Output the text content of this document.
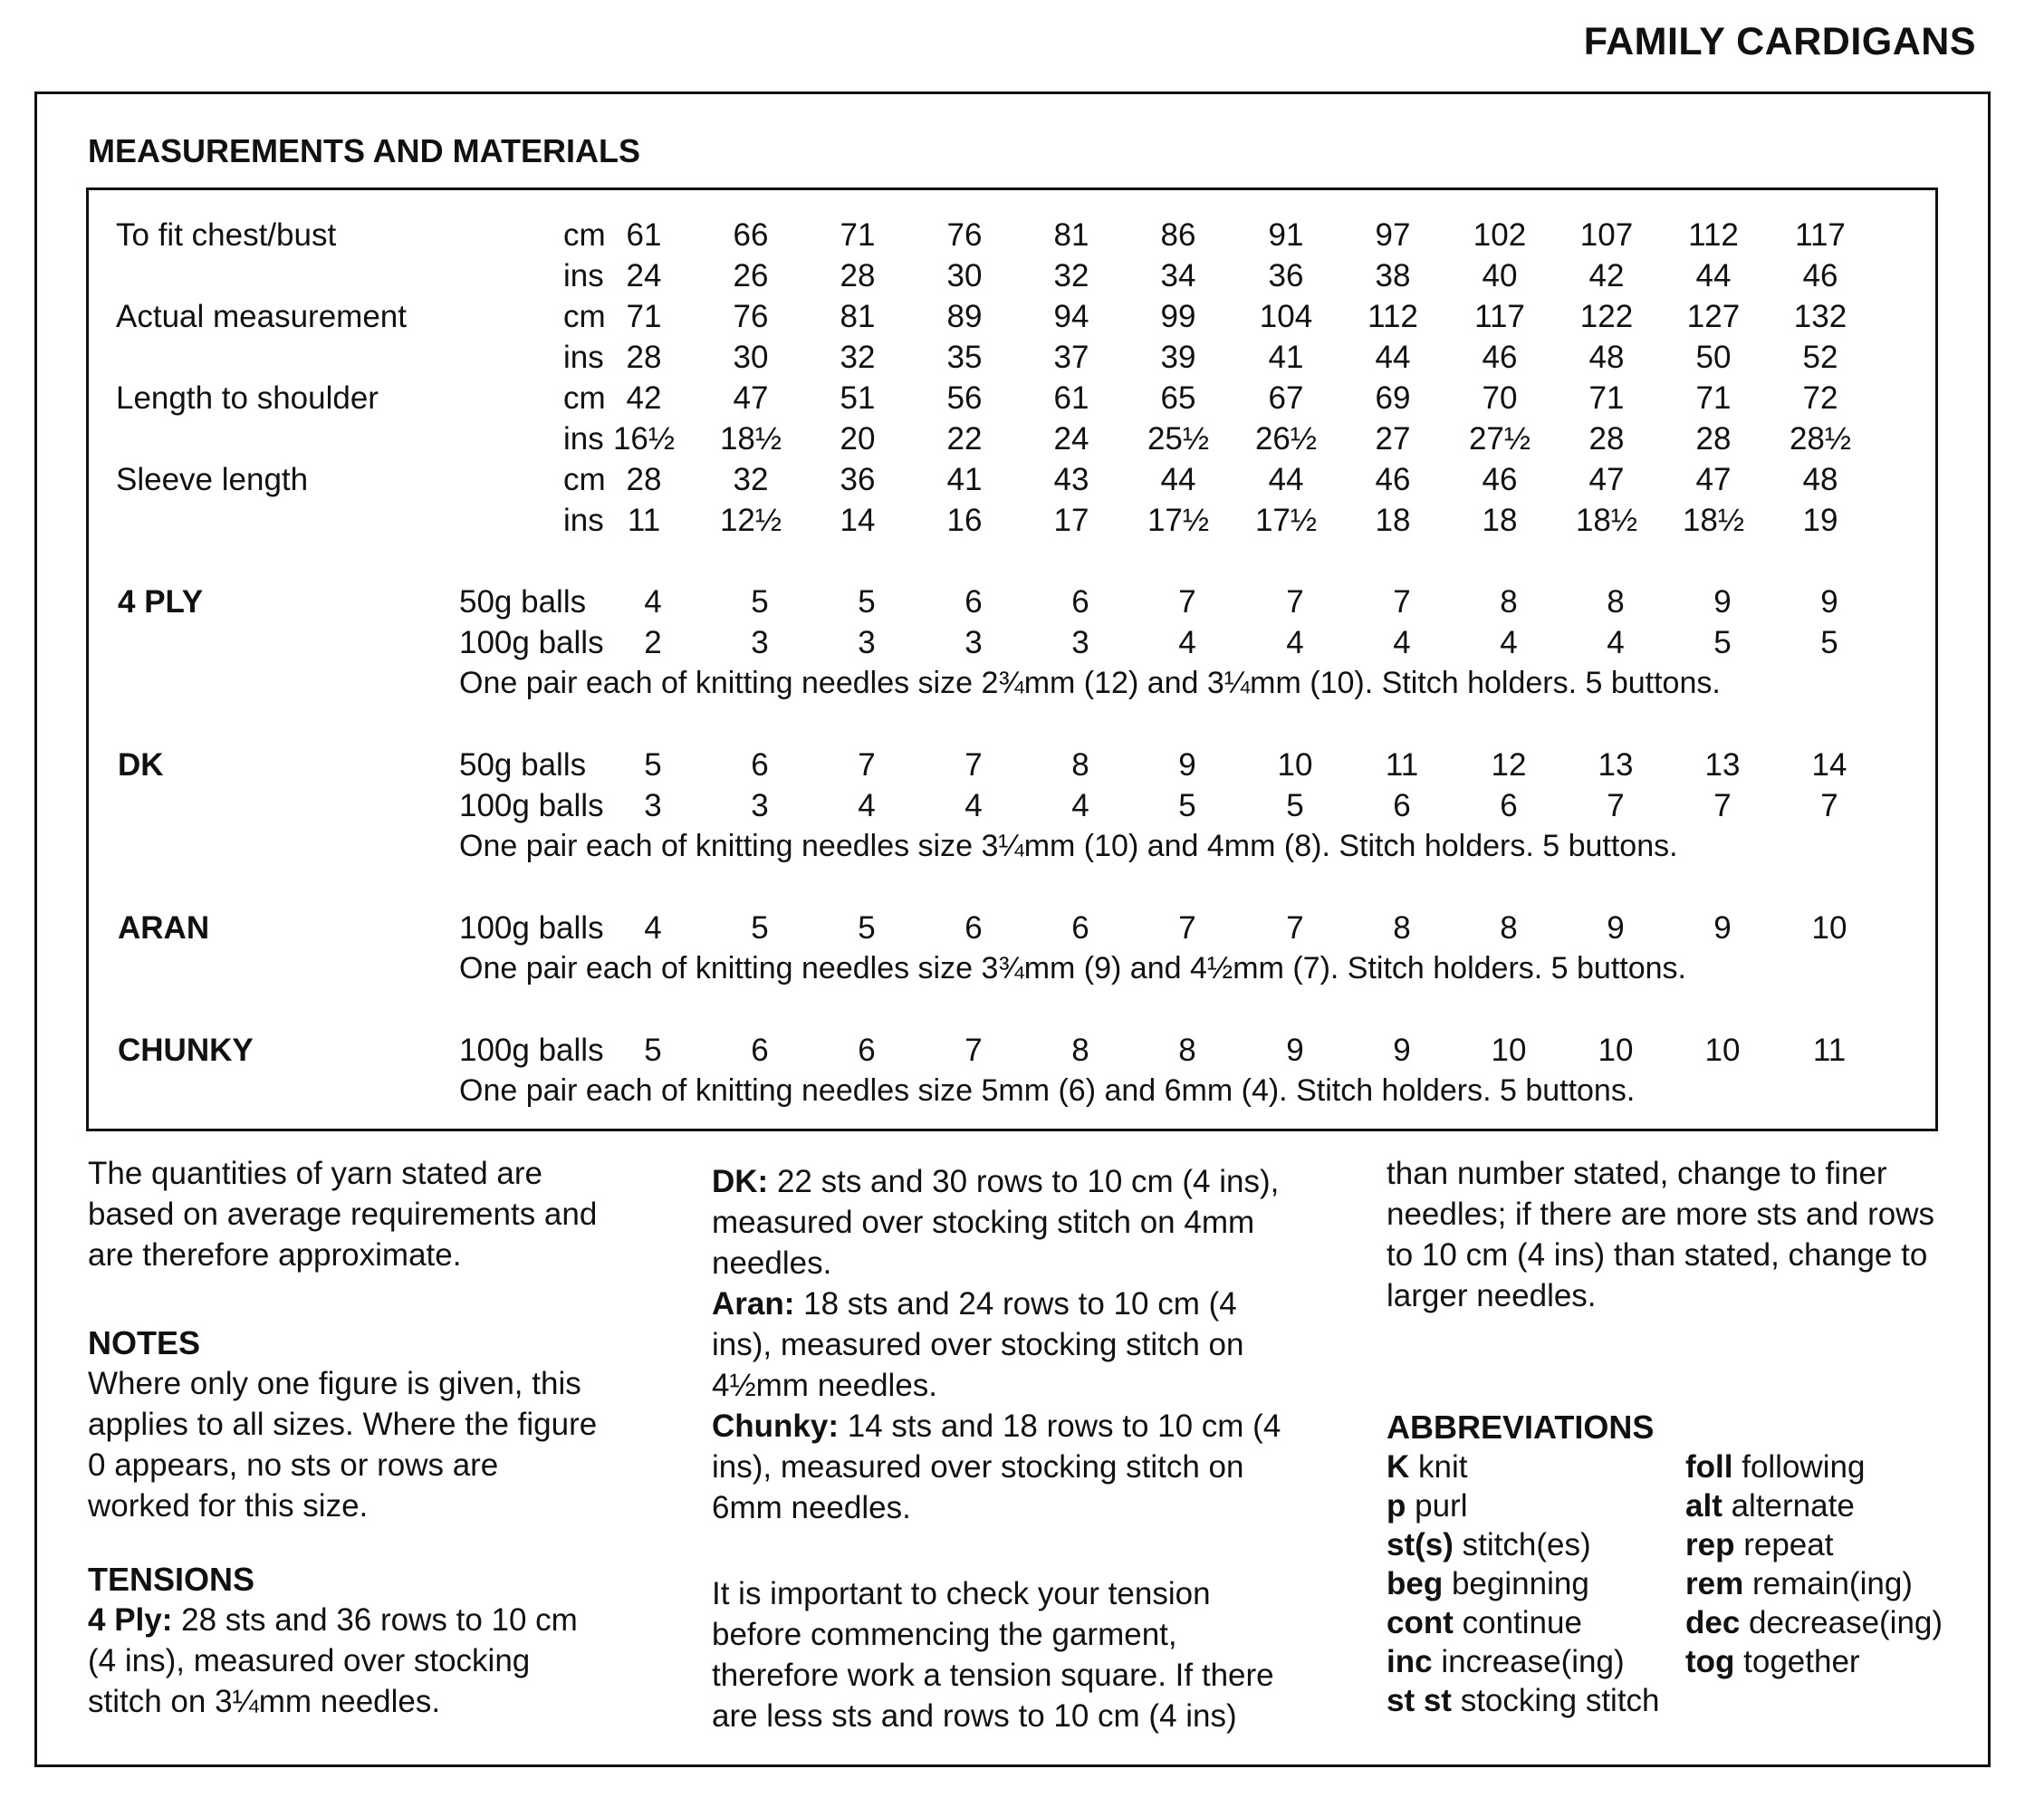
FAMILY CARDIGANS
MEASUREMENTS AND MATERIALS
To fit chest/bust	cm 61	66	71	76	81	86	91	97	102	107	112	117
ins 24	26	28	30	32	34	36	38	40	42	44	46
Actual measurement	cm 71	76	81	89	94	99	104	112	117	122	127	132
ins 28	30	32	35	37	39	41	44	46	48	50	52
Length to shoulder	cm 42	47	51	56	61	65	67	69	70	71	71	72
ins 16½	18½	20	22	24	25½	26½	27	27½	28	28	28½
Sleeve length	cm 28	32	36	41	43	44	44	46	46	47	47	48
ins 11	12½	14	16	17	17½	17½	18	18	18½	18½	19
4 PLY	50g balls	4	5	5	6	6	7	7	7	8	8	9	9
100g balls	2	3	3	3	3	4	4	4	4	4	5	5
One pair each of knitting needles size 2¾mm (12) and 3¼mm (10). Stitch holders. 5 buttons.
DK	50g balls	5	6	7	7	8	9	10	11	12	13	13	14
100g balls	3	3	4	4	4	5	5	6	6	7	7	7
One pair each of knitting needles size 3¼mm (10) and 4mm (8). Stitch holders. 5 buttons.
ARAN	100g balls	4	5	5	6	6	7	7	8	8	9	9	10
One pair each of knitting needles size 3¾mm (9) and 4½mm (7). Stitch holders. 5 buttons.
CHUNKY	100g balls	5	6	6	7	8	8	9	9	10	10	10	11
One pair each of knitting needles size 5mm (6) and 6mm (4). Stitch holders. 5 buttons.

The quantities of yarn stated are

based on average requirements and

are therefore approximate.

NOTES

Where only one figure is given, this

applies to all sizes. Where the figure

0 appears, no sts or rows are

worked for this size.

TENSIONS

4 Ply: 28 sts and 36 rows to 10 cm

(4 ins), measured over stocking

stitch on 3¼mm needles.

DK: 22 sts and 30 rows to 10 cm (4 ins),

measured over stocking stitch on 4mm

needles.

Aran: 18 sts and 24 rows to 10 cm (4

ins), measured over stocking stitch on

4½mm needles.

Chunky: 14 sts and 18 rows to 10 cm (4

ins), measured over stocking stitch on

6mm needles.

It is important to check your tension

before commencing the garment,

therefore work a tension square. If there

are less sts and rows to 10 cm (4 ins)

than number stated, change to finer

needles; if there are more sts and rows

to 10 cm (4 ins) than stated, change to

larger needles.

ABBREVIATIONS

K knit	foll following
p purl	alt alternate
st(s) stitch(es)	rep repeat
beg beginning	rem remain(ing)
cont continue	dec decrease(ing)
inc increase(ing)	tog together
st st stocking stitch
